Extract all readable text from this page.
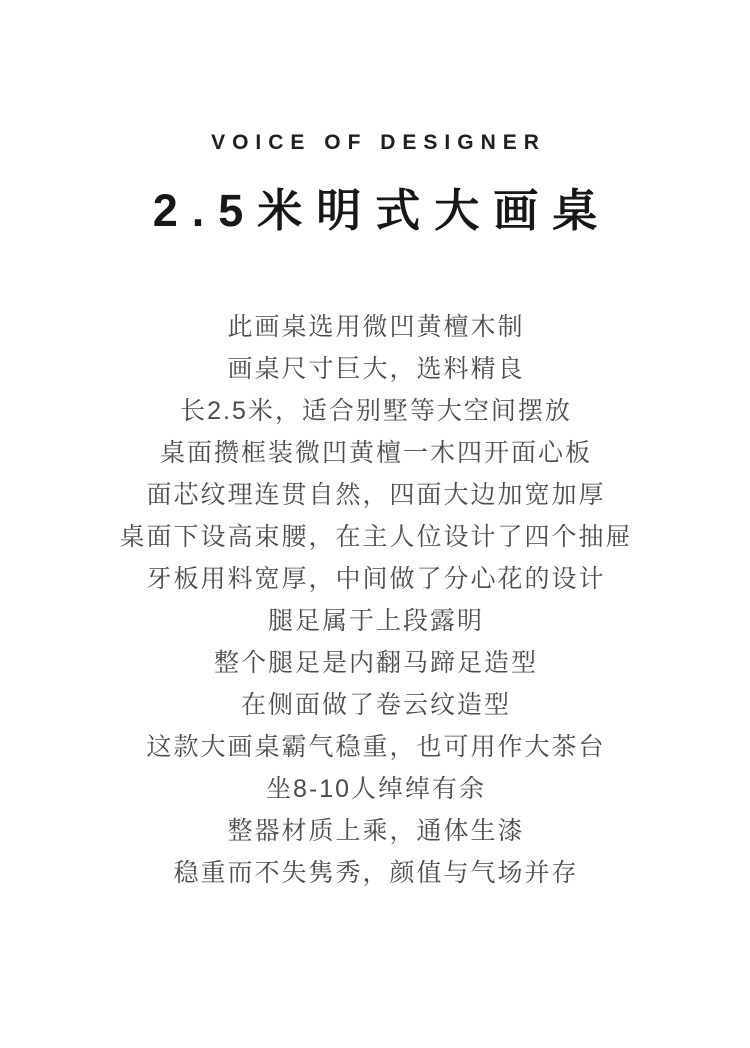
VOICE OF DESIGNER
2.5米明式大画桌

此画桌选用微凹黄檀木制

画桌尺寸巨大，选料精良

长2.5米，适合别墅等大空间摆放

桌面攒框装微凹黄檀一木四开面心板

面芯纹理连贯自然，四面大边加宽加厚

桌面下设高束腰，在主人位设计了四个抽屉

牙板用料宽厚，中间做了分心花的设计

腿足属于上段露明

整个腿足是内翻马蹄足造型

在侧面做了卷云纹造型

这款大画桌霸气稳重，也可用作大茶台

坐8-10人绰绰有余

整器材质上乘，通体生漆

稳重而不失隽秀，颜值与气场并存
